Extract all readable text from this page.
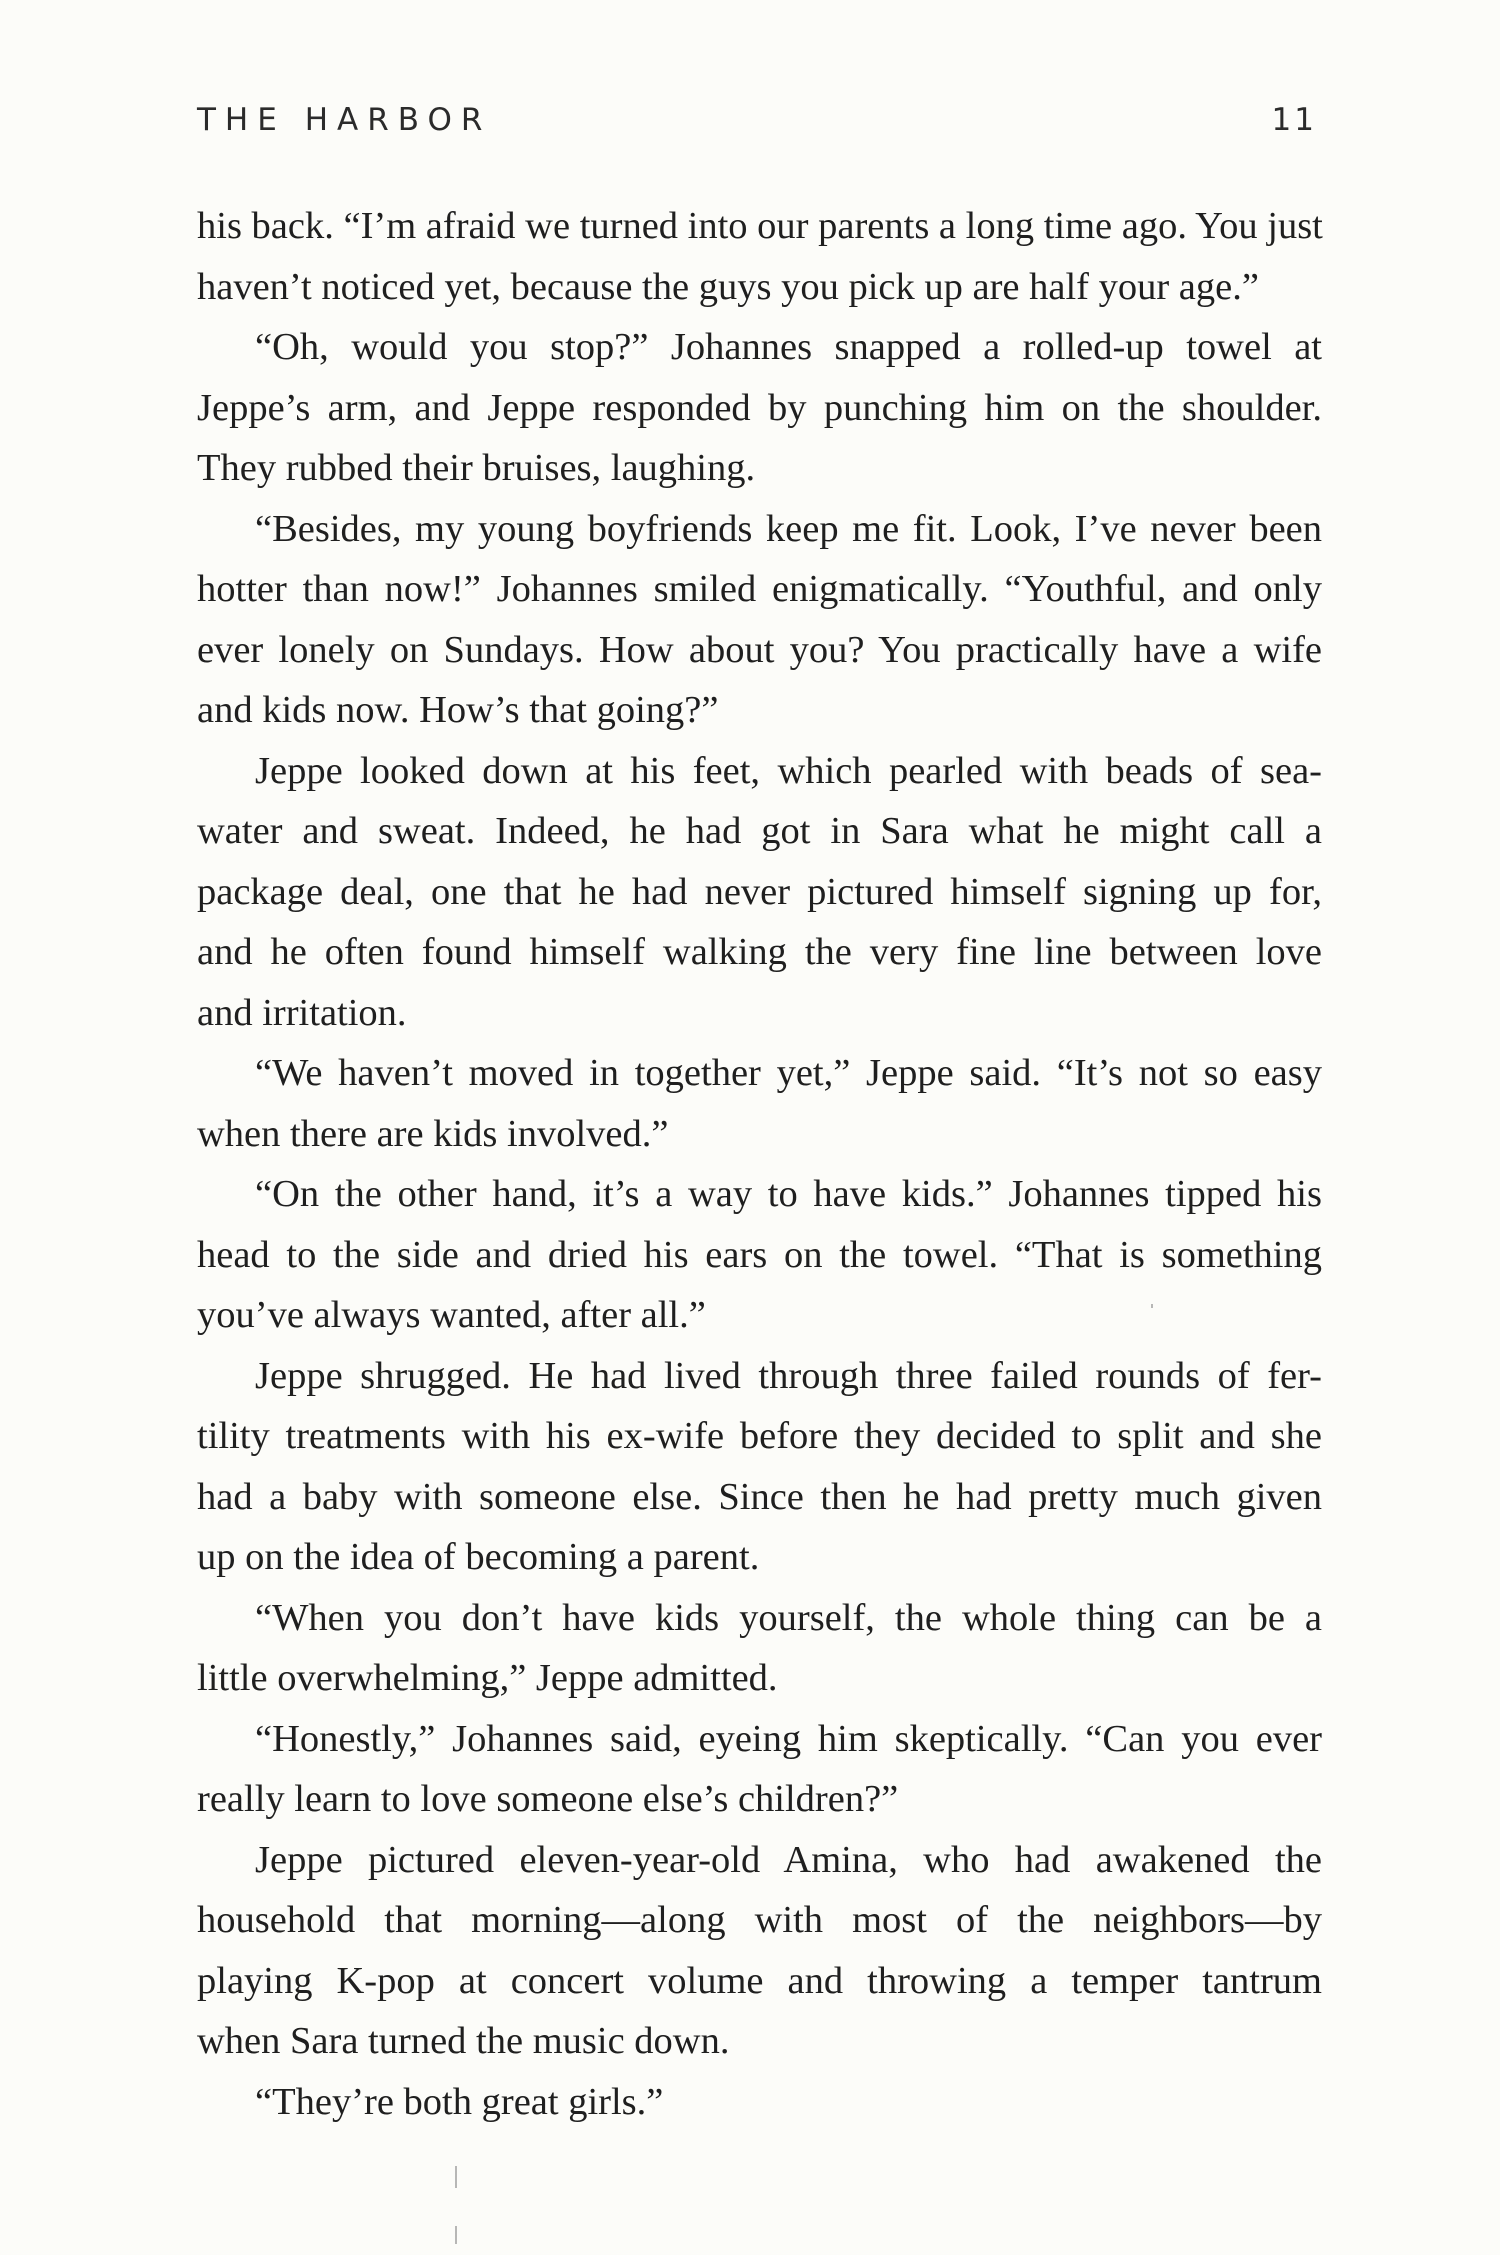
THE HARBOR	11
his back. “I’m afraid we turned into our parents a long time ago. You just
haven’t noticed yet, because the guys you pick up are half your age.”
“Oh, would you stop?” Johannes snapped a rolled-up towel at
Jeppe’s arm, and Jeppe responded by punching him on the shoulder.
They rubbed their bruises, laughing.
“Besides, my young boyfriends keep me fit. Look, I’ve never been
hotter than now!” Johannes smiled enigmatically. “Youthful, and only
ever lonely on Sundays. How about you? You practically have a wife
and kids now. How’s that going?”
Jeppe looked down at his feet, which pearled with beads of sea-
water and sweat. Indeed, he had got in Sara what he might call a
package deal, one that he had never pictured himself signing up for,
and he often found himself walking the very fine line between love
and irritation.
“We haven’t moved in together yet,” Jeppe said. “It’s not so easy
when there are kids involved.”
“On the other hand, it’s a way to have kids.” Johannes tipped his
head to the side and dried his ears on the towel. “That is something
you’ve always wanted, after all.”
Jeppe shrugged. He had lived through three failed rounds of fer-
tility treatments with his ex-wife before they decided to split and she
had a baby with someone else. Since then he had pretty much given
up on the idea of becoming a parent.
“When you don’t have kids yourself, the whole thing can be a
little overwhelming,” Jeppe admitted.
“Honestly,” Johannes said, eyeing him skeptically. “Can you ever
really learn to love someone else’s children?”
Jeppe pictured eleven-year-old Amina, who had awakened the
household that morning—along with most of the neighbors—by
playing K-pop at concert volume and throwing a temper tantrum
when Sara turned the music down.
“They’re both great girls.”
